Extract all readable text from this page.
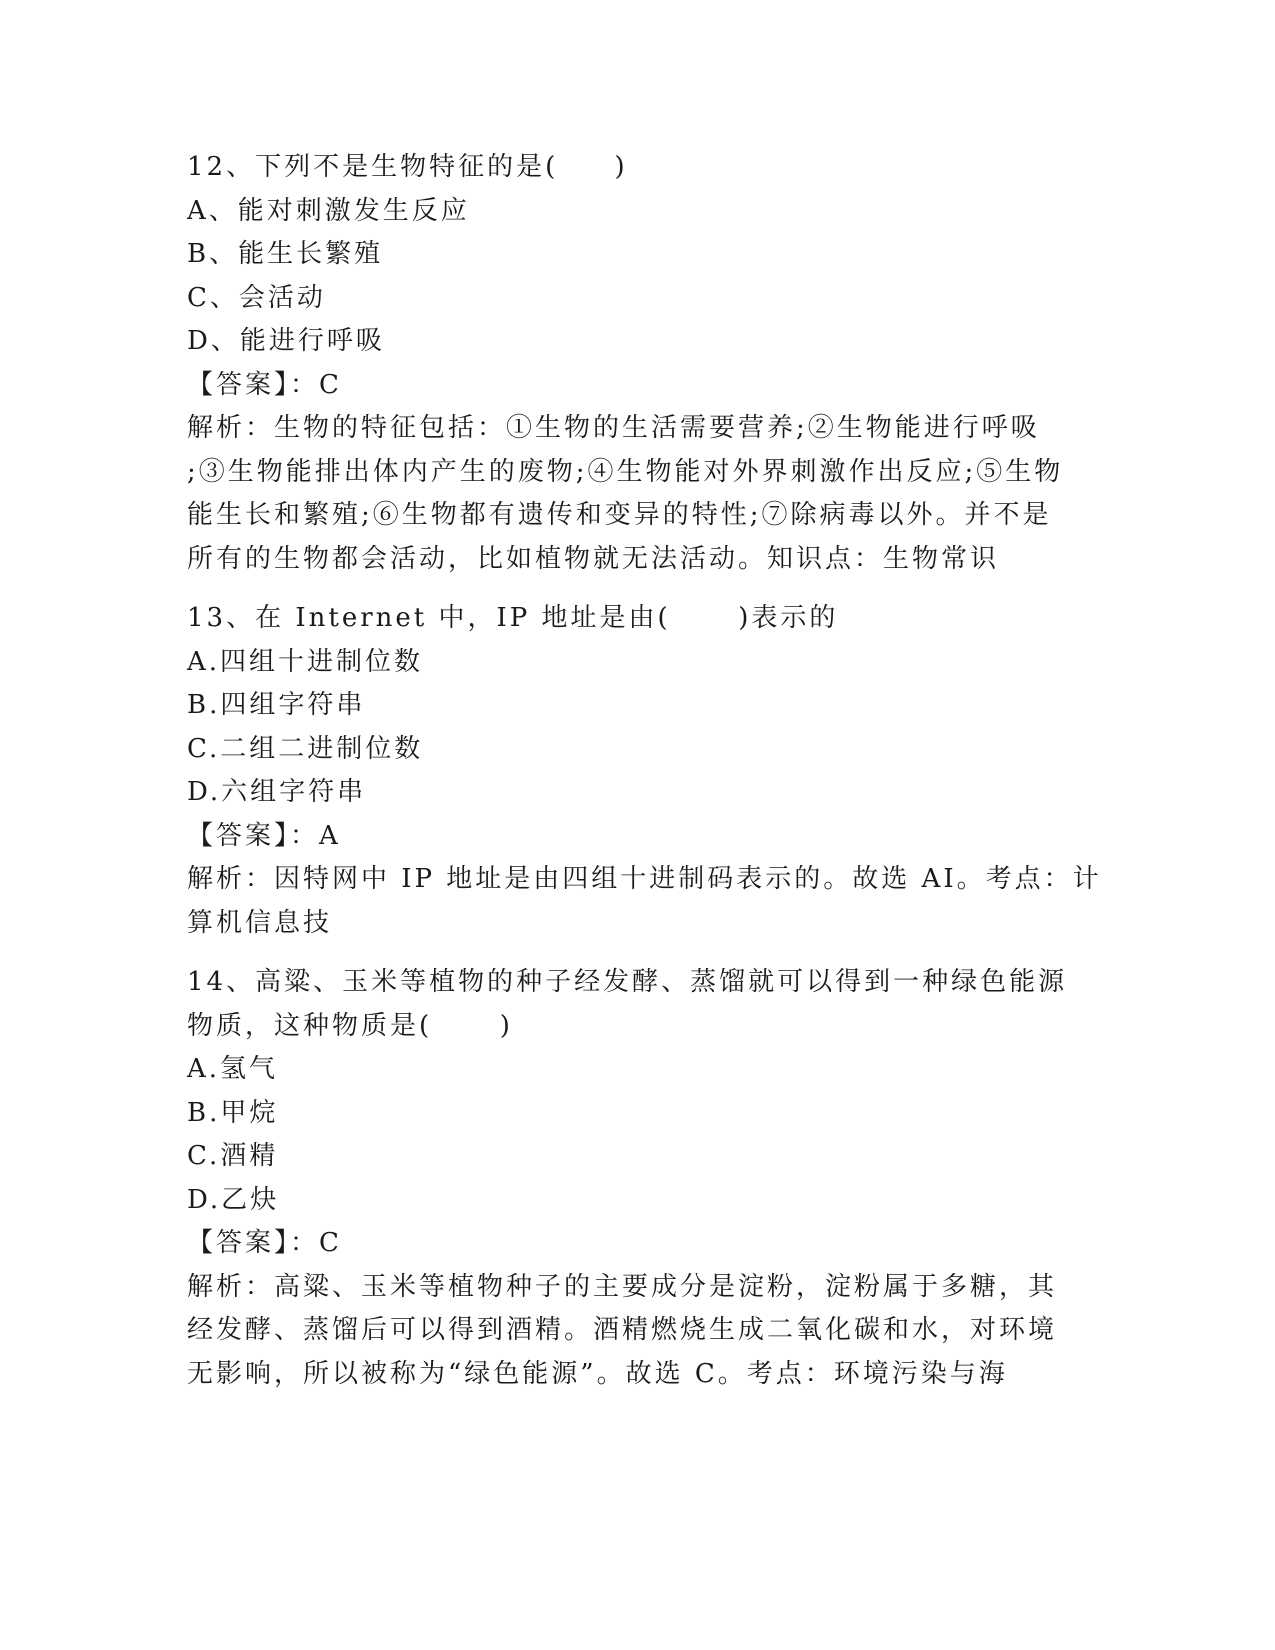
12、下列不是生物特征的是(     )
A、能对刺激发生反应
B、能生长繁殖
C、会活动
D、能进行呼吸
【答案】：C
解析：生物的特征包括：①生物的生活需要营养;②生物能进行呼吸
;③生物能排出体内产生的废物;④生物能对外界刺激作出反应;⑤生物
能生长和繁殖;⑥生物都有遗传和变异的特性;⑦除病毒以外。并不是
所有的生物都会活动，比如植物就无法活动。知识点：生物常识
13、在 Internet 中，IP 地址是由(      )表示的
A.四组十进制位数
B.四组字符串
C.二组二进制位数
D.六组字符串
【答案】：A
解析：因特网中 IP 地址是由四组十进制码表示的。故选 AI。考点：计
算机信息技
14、高粱、玉米等植物的种子经发酵、蒸馏就可以得到一种绿色能源
物质，这种物质是(      )
A.氢气
B.甲烷
C.酒精
D.乙炔
【答案】：C
解析：高粱、玉米等植物种子的主要成分是淀粉，淀粉属于多糖，其
经发酵、蒸馏后可以得到酒精。酒精燃烧生成二氧化碳和水，对环境
无影响，所以被称为“绿色能源”。故选 C。考点：环境污染与海
